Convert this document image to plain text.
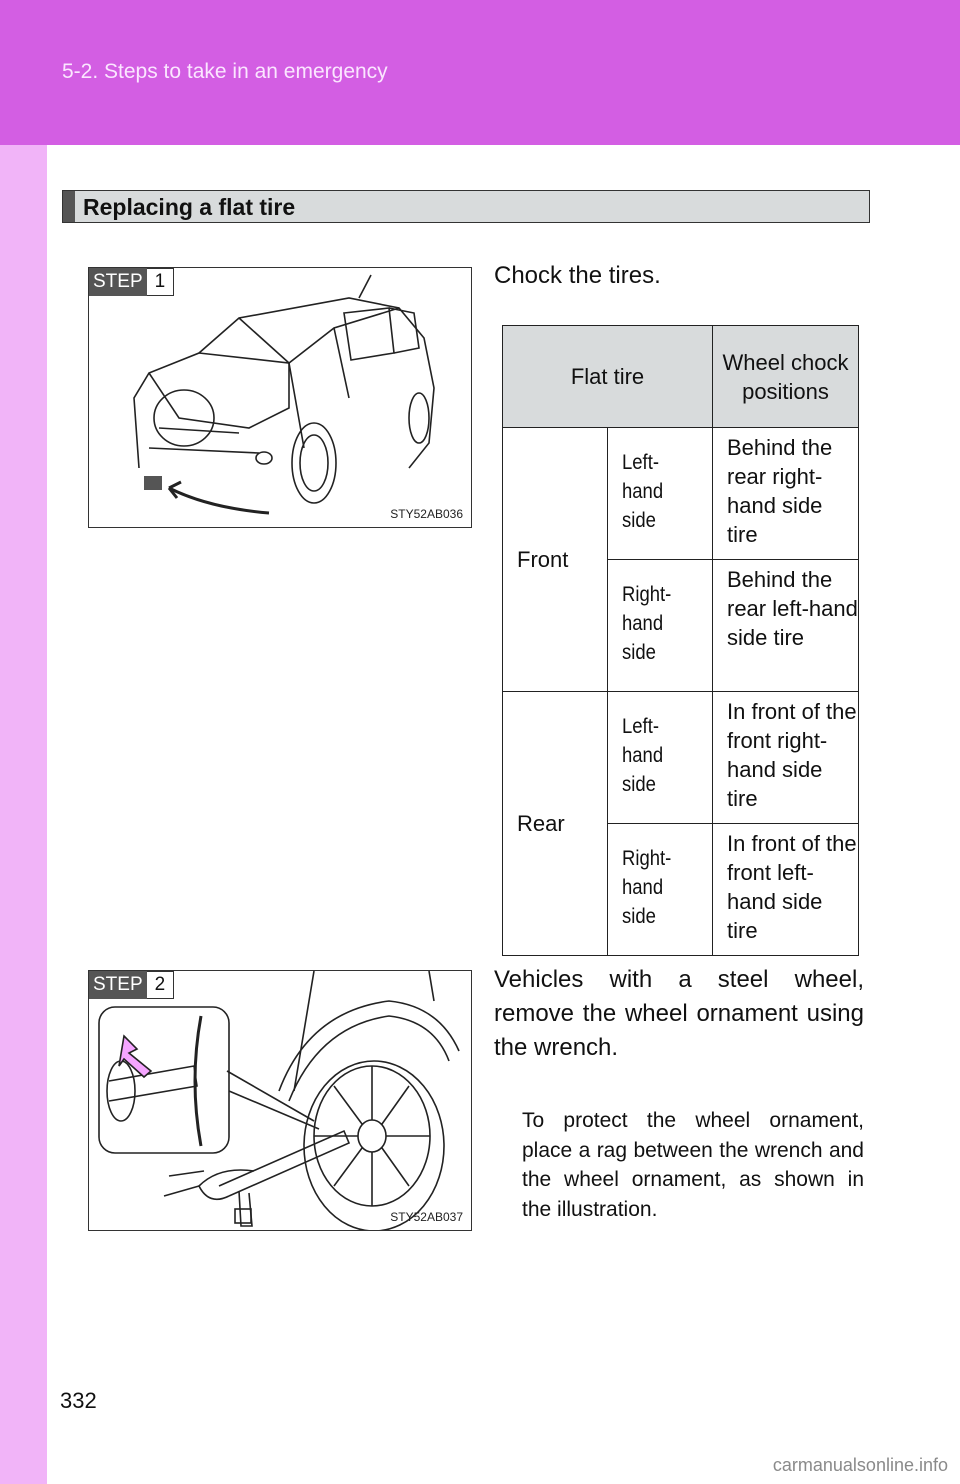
5-2. Steps to take in an emergency
Replacing a flat tire
STEP 1
STY52AB036
Chock the tires.
Flat tire		Wheel chock positions
Front	Left-hand side	Behind the rear right-hand side tire
	Right-hand side	Behind the rear left-hand side tire
Rear	Left-hand side	In front of the front right-hand side tire
	Right-hand side	In front of the front left-hand side tire
STEP 2
STY52AB037
Vehicles with a steel wheel, remove the wheel ornament using the wrench.
To protect the wheel ornament, place a rag between the wrench and the wheel ornament, as shown in the illustration.
332
carmanualsonline.info
